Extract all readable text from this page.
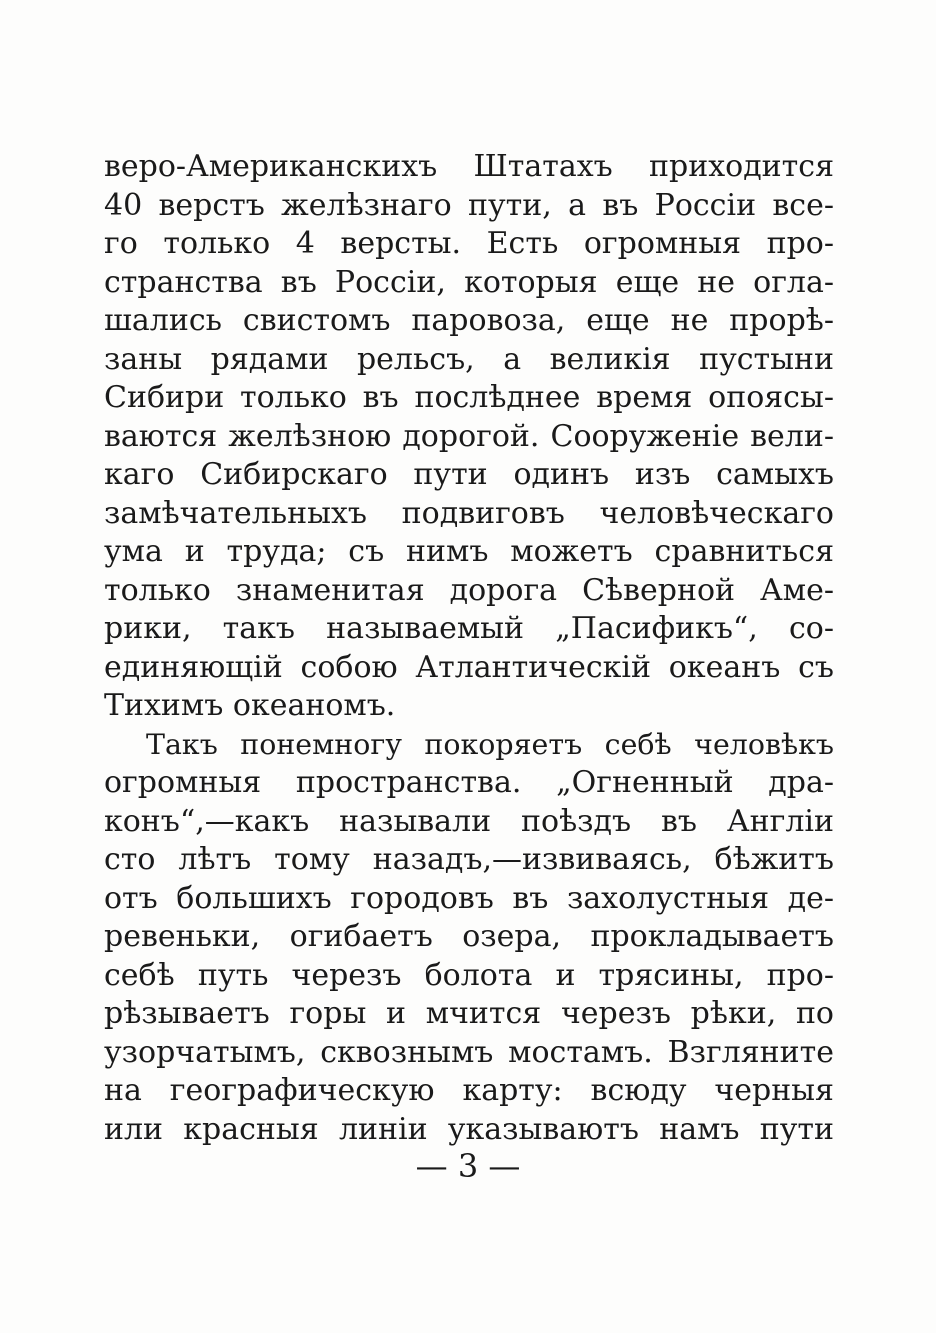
веро-Американскихъ Штатахъ приходится
40 верстъ желѣзнаго пути, а въ Россіи все-
го только 4 версты. Есть огромныя про-
странства въ Россіи, которыя еще не огла-
шались свистомъ паровоза, еще не прорѣ-
заны рядами рельсъ, а великія пустыни
Сибири только въ послѣднее время опоясы-
ваются желѣзною дорогой. Сооруженіе вели-
каго Сибирскаго пути одинъ изъ самыхъ
замѣчательныхъ подвиговъ человѣческаго
ума и труда; съ нимъ можетъ сравниться
только знаменитая дорога Сѣверной Аме-
рики, такъ называемый „Пасификъ“, со-
единяющій собою Атлантическій океанъ съ
Тихимъ океаномъ.
Такъ понемногу покоряетъ себѣ человѣкъ
огромныя пространства. „Огненный дра-
конъ“,—какъ называли поѣздъ въ Англіи
сто лѣтъ тому назадъ,—извиваясь, бѣжитъ
отъ большихъ городовъ въ захолустныя де-
ревеньки, огибаетъ озера, прокладываетъ
себѣ путь черезъ болота и трясины, про-
рѣзываетъ горы и мчится черезъ рѣки, по
узорчатымъ, сквознымъ мостамъ. Взгляните
на географическую карту: всюду черныя
или красныя линіи указываютъ намъ пути
— 3 —
